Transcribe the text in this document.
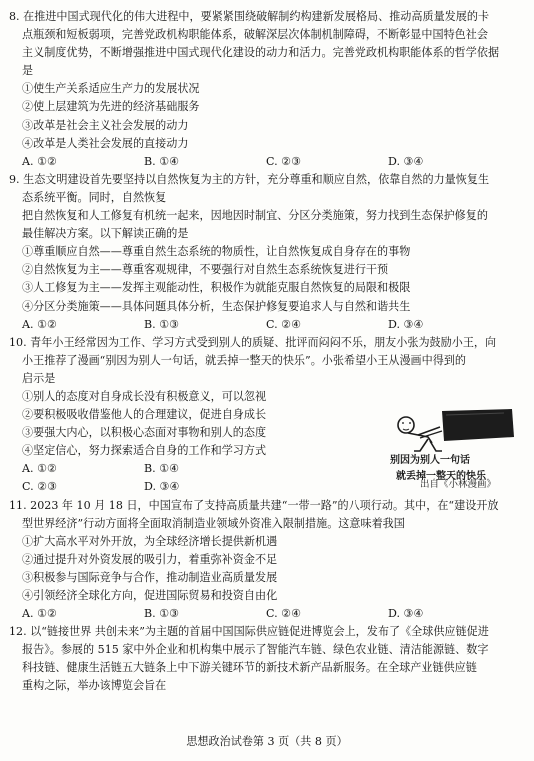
8. 在推进中国式现代化的伟大进程中，要紧紧围绕破解制约构建新发展格局、推动高质量发展的卡
点瓶颈和短板弱项，完善党政机构职能体系，破解深层次体制机制障碍，不断彰显中国特色社会
主义制度优势，不断增强推进中国式现代化建设的动力和活力。完善党政机构职能体系的哲学依据
是
①使生产关系适应生产力的发展状况
②使上层建筑为先进的经济基础服务
③改革是社会主义社会发展的动力
④改革是人类社会发展的直接动力
A. ①②	B. ①④	C. ②③	D. ③④
9. 生态文明建设首先要坚持以自然恢复为主的方针，充分尊重和顺应自然，依靠自然的力量恢复生
态系统平衡。同时，自然恢复
把自然恢复和人工修复有机统一起来，因地因时制宜、分区分类施策，努力找到生态保护修复的
最佳解决方案。以下解读正确的是
①尊重顺应自然——尊重自然生态系统的物质性，让自然恢复成自身存在的事物
②自然恢复为主——尊重客观规律，不要强行对自然生态系统恢复进行干预
③人工修复为主——发挥主观能动性，积极作为就能克服自然恢复的局限和极限
④分区分类施策——具体问题具体分析，生态保护修复要追求人与自然和谐共生
A. ①②	B. ①③	C. ②④	D. ③④
10. 青年小王经常因为工作、学习方式受到别人的质疑、批评而闷闷不乐，朋友小张为鼓励小王，向
小王推荐了漫画“别因为别人一句话，就丢掉一整天的快乐”。小张希望小王从漫画中得到的
启示是
①别人的态度对自身成长没有积极意义，可以忽视
②要积极吸收借鉴他人的合理建议，促进自身成长
③要强大内心，以积极心态面对事物和别人的态度
④坚定信心，努力探索适合自身的工作和学习方式
A. ①②	B. ①④
C. ②③	D. ③④
11. 2023 年 10 月 18 日，中国宣布了支持高质量共建“一带一路”的八项行动。其中，在“建设开放
型世界经济”行动方面将全面取消制造业领域外资准入限制措施。这意味着我国
①扩大高水平对外开放，为全球经济增长提供新机遇
②通过提升对外资发展的吸引力，着重弥补资金不足
③积极参与国际竞争与合作，推动制造业高质量发展
④引领经济全球化方向，促进国际贸易和投资自由化
A. ①②	B. ①③	C. ②④	D. ③④
12. 以“链接世界 共创未来”为主题的首届中国国际供应链促进博览会上，发布了《全球供应链促进
报告》。参展的 515 家中外企业和机构集中展示了智能汽车链、绿色农业链、清洁能源链、数字
科技链、健康生活链五大链条上中下游关键环节的新技术新产品新服务。在全球产业链供应链
重构之际，举办该博览会旨在
别因为别人一句话
就丢掉一整天的快乐
出自《小林漫画》
思想政治试卷第 3 页（共 8 页）
